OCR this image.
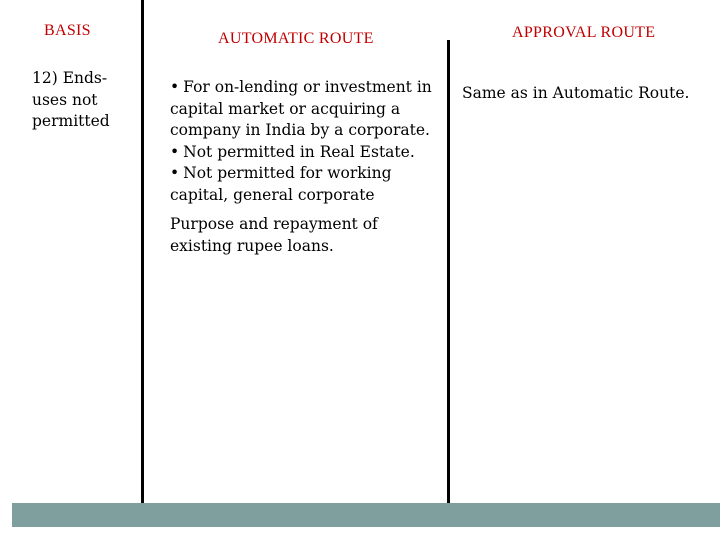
BASIS	AUTOMATIC ROUTE	APPROVAL ROUTE
12) Ends-uses not permitted
• For on-lending or investment in capital market or acquiring a company in India by a corporate.
• Not permitted in Real Estate.
• Not permitted for working capital, general corporate
Purpose and repayment of existing rupee loans.
Same as in Automatic Route.
